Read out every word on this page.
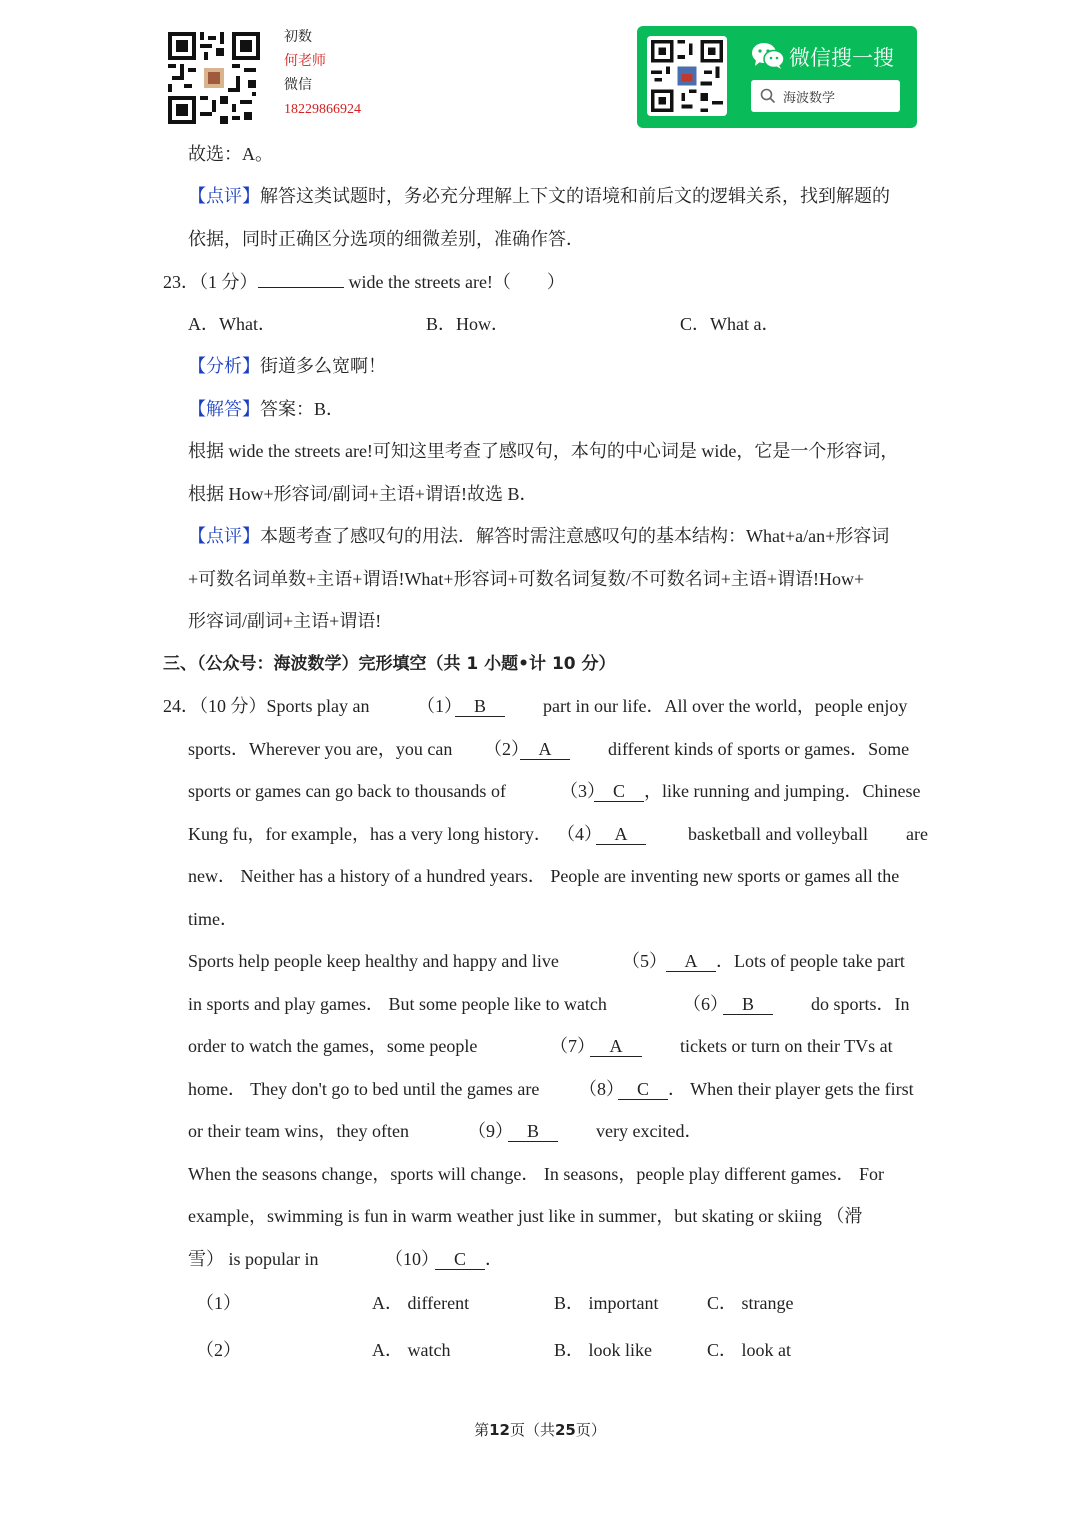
初数
何老师
微信
18229866924
微信搜一搜
海波数学
故选：A。
【点评】解答这类试题时，务必充分理解上下文的语境和前后文的逻辑关系，找到解题的
依据，同时正确区分选项的细微差别，准确作答．
23．（1 分）	wide the streets are!（　　）
A．What．	B．How．	C．What a．
【分析】街道多么宽啊！
【解答】答案：B．
根据 wide the streets are!可知这里考查了感叹句，本句的中心词是 wide，它是一个形容词，
根据 How+形容词/副词+主语+谓语!故选 B．
【点评】本题考查了感叹句的用法．解答时需注意感叹句的基本结构：What+a/an+形容词
+可数名词单数+主语+谓语!What+形容词+可数名词复数/不可数名词+主语+谓语!How+
形容词/副词+主语+谓语!
三、（公众号：海波数学）完形填空（共 1 小题•计 10 分）
24．（10 分）Sports play an	（1） B	part in our life．All over the world，people enjoy
sports．Wherever you are，you can （2） A	different kinds of sports or games．Some
sports or games can go back to thousands of	（3） C ，like running and jumping．Chinese
Kung fu，for example，has a very long history． （4） A	basketball and volleyball are
new． Neither has a history of a hundred years． People are inventing new sports or games all the
time．
Sports help people keep healthy and happy and live	（5） A ．Lots of people take part
in sports and play games． But some people like to watch	（6） B	do sports．In
order to watch the games，some people	（7） A	tickets or turn on their TVs at
home． They don't go to bed until the games are （8） C ． When their player gets the first
or their team wins，they often	（9） B	very excited．
When the seasons change，sports will change． In seasons，people play different games． For
example，swimming is fun in warm weather just like in summer，but skating or skiing （滑
雪） is popular in	（10） C ．
（1）	A． different	B． important	C． strange
（2）	A． watch	B． look like	C． look at
第12页（共25页）
